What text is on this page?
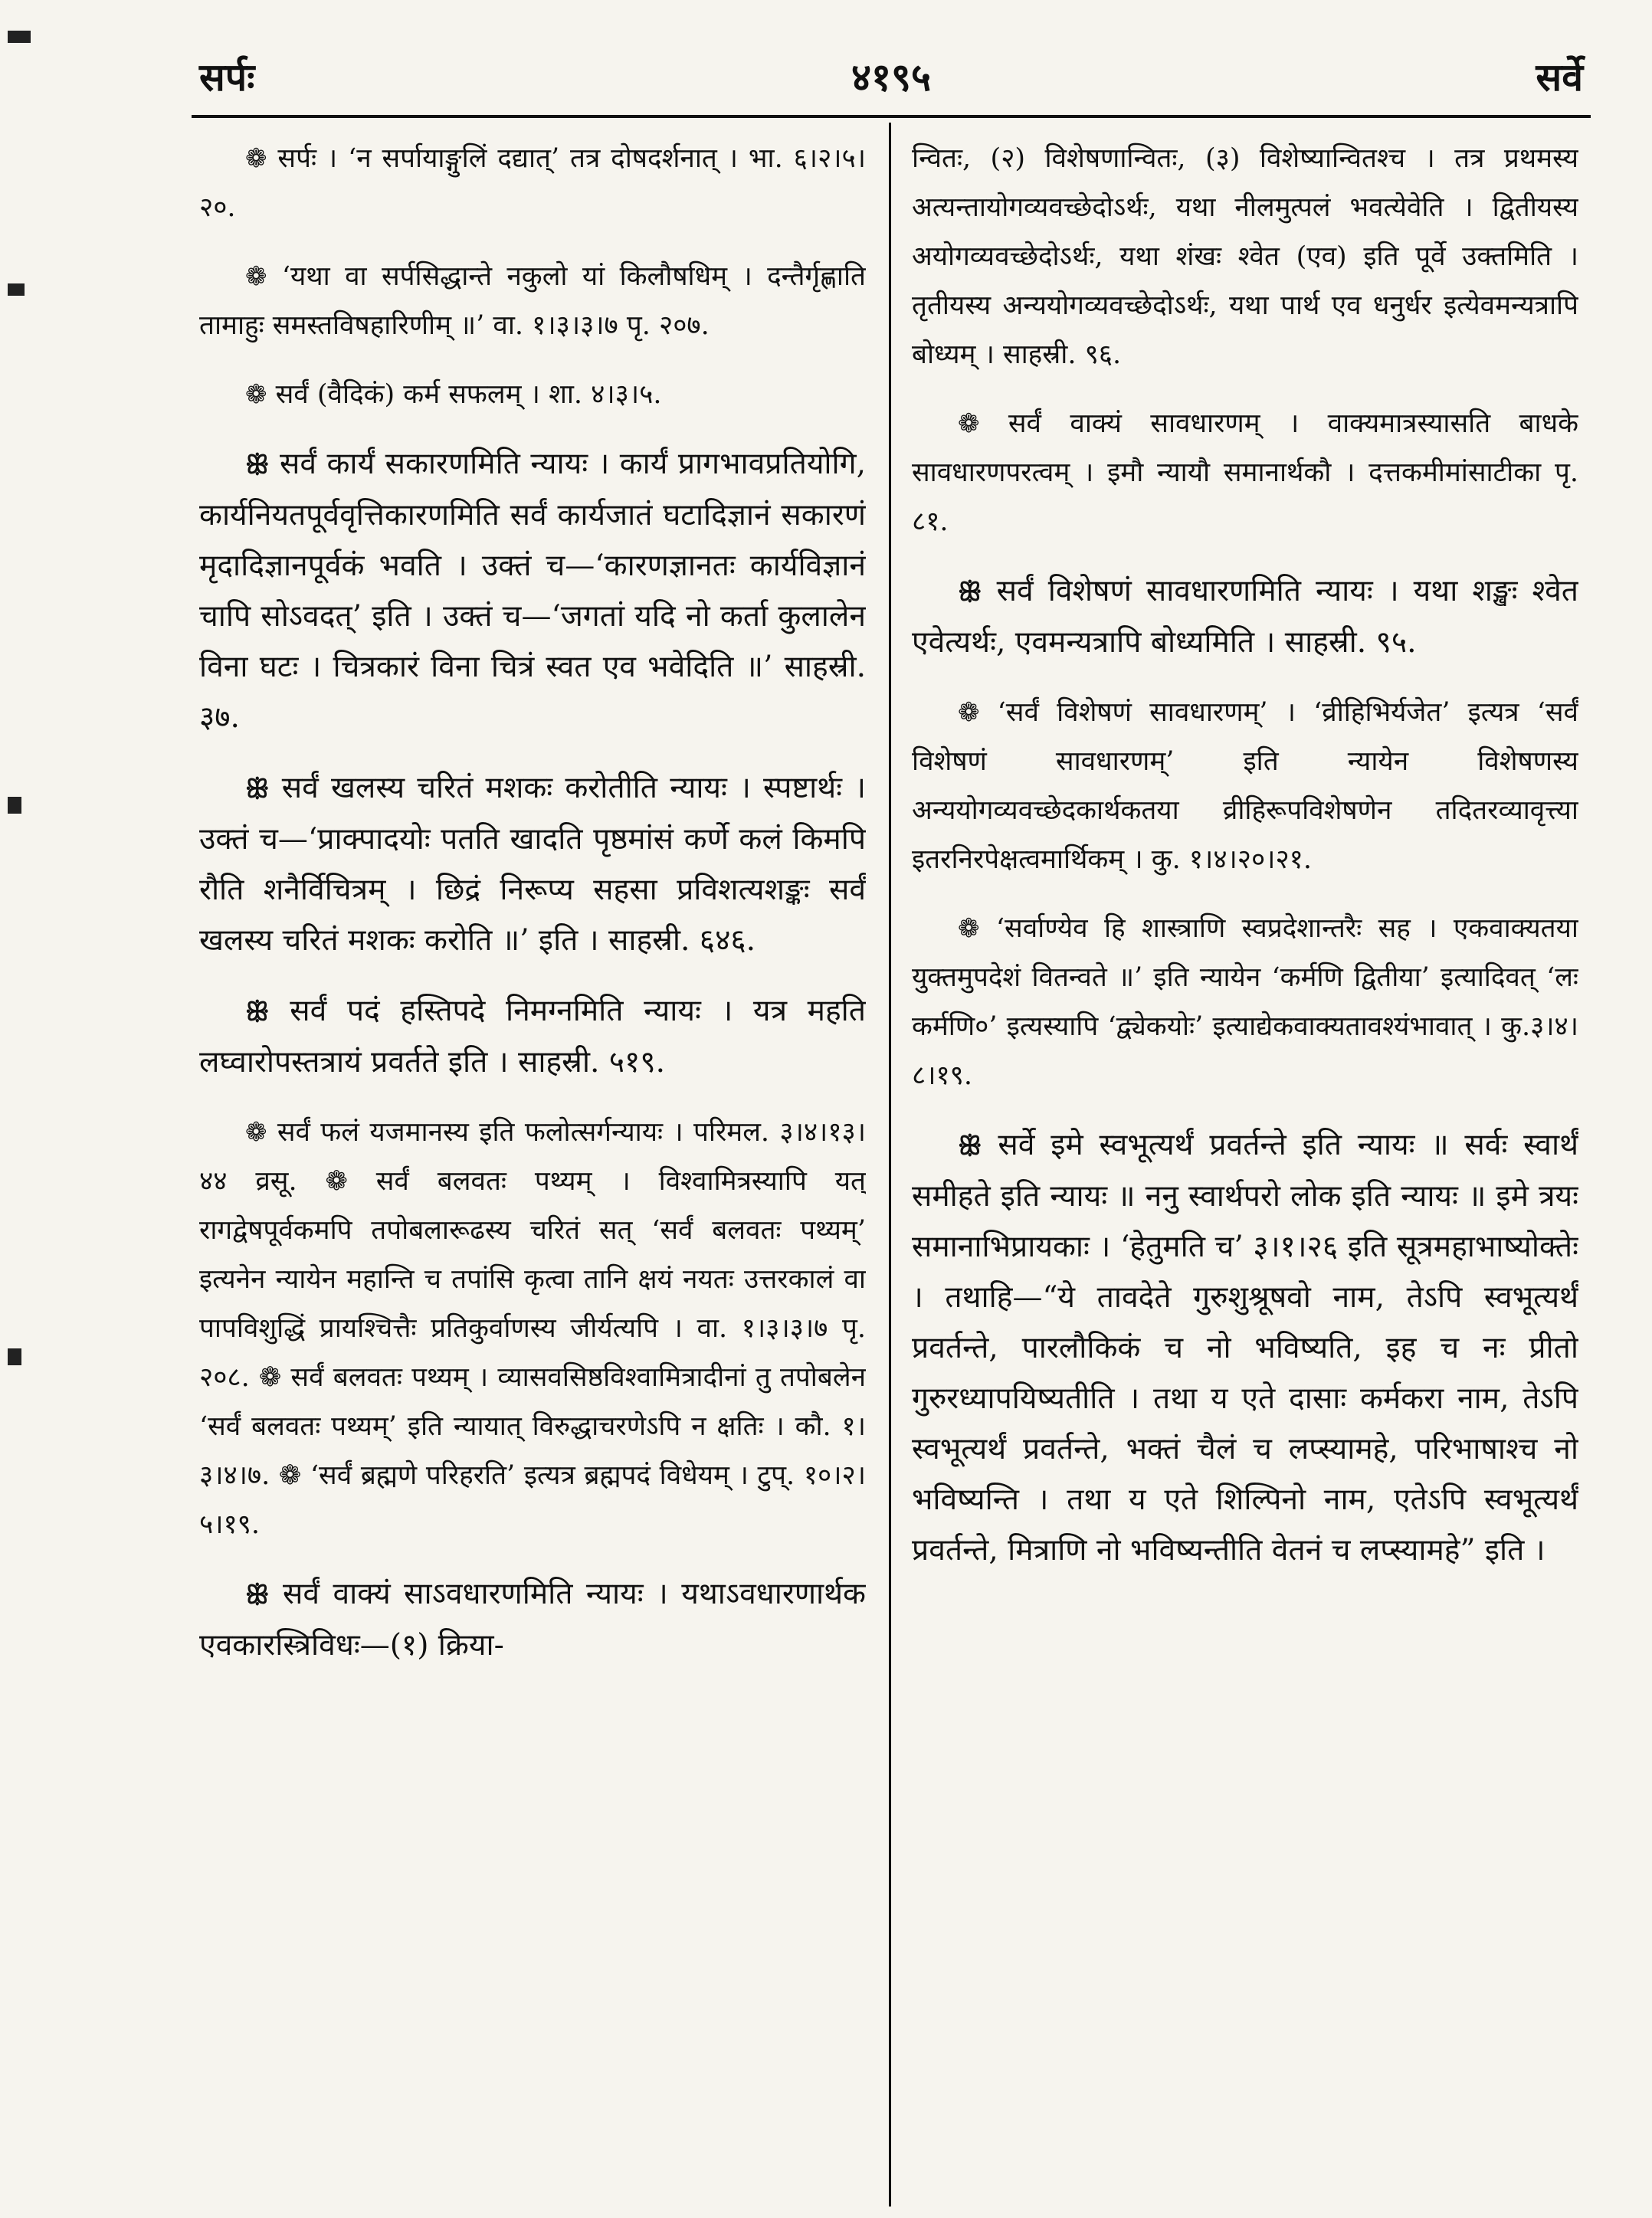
सर्पः	४१९५	सर्वे

❁ सर्पः । ‘न सर्पायाङ्गुलिं दद्यात्’ तत्र दोषदर्शनात् । भा. ६।२।५।२०.

❁ ‘यथा वा सर्पसिद्धान्ते नकुलो यां किलौषधिम् । दन्तैर्गृह्णाति तामाहुः समस्तविषहारिणीम् ॥’ वा. १।३।३।७ पृ. २०७.

❁ सर्वं (वैदिकं) कर्म सफलम् । शा. ४।३।५.

ꕥ सर्वं कार्यं सकारणमिति न्यायः । कार्यं प्रागभावप्रतियोगि, कार्यनियतपूर्ववृत्तिकारणमिति सर्वं कार्यजातं घटादिज्ञानं सकारणं मृदादिज्ञानपूर्वकं भवति । उक्तं च—‘कारणज्ञानतः कार्यविज्ञानं चापि सोऽवदत्’ इति । उक्तं च—‘जगतां यदि नो कर्ता कुलालेन विना घटः । चित्रकारं विना चित्रं स्वत एव भवेदिति ॥’ साहस्री. ३७.

ꕥ सर्वं खलस्य चरितं मशकः करोतीति न्यायः । स्पष्टार्थः । उक्तं च—‘प्राक्पादयोः पतति खादति पृष्ठमांसं कर्णे कलं किमपि रौति शनैर्विचित्रम् । छिद्रं निरूप्य सहसा प्रविशत्यशङ्कः सर्वं खलस्य चरितं मशकः करोति ॥’ इति । साहस्री. ६४६.

ꕥ सर्वं पदं हस्तिपदे निमग्नमिति न्यायः । यत्र महति लघ्वारोपस्तत्रायं प्रवर्तते इति । साहस्री. ५१९.

❁ सर्वं फलं यजमानस्य इति फलोत्सर्गन्यायः । परिमल. ३।४।१३।४४ व्रसू. ❁ सर्वं बलवतः पथ्यम् । विश्वामित्रस्यापि यत् रागद्वेषपूर्वकमपि तपोबलारूढस्य चरितं सत् ‘सर्वं बलवतः पथ्यम्’ इत्यनेन न्यायेन महान्ति च तपांसि कृत्वा तानि क्षयं नयतः उत्तरकालं वा पापविशुद्धिं प्रायश्चित्तैः प्रतिकुर्वाणस्य जीर्यत्यपि । वा. १।३।३।७ पृ. २०८. ❁ सर्वं बलवतः पथ्यम् । व्यासवसिष्ठविश्वामित्रादीनां तु तपोबलेन ‘सर्वं बलवतः पथ्यम्’ इति न्यायात् विरुद्धाचरणेऽपि न क्षतिः । कौ. १।३।४।७. ❁ ‘सर्वं ब्रह्मणे परिहरति’ इत्यत्र ब्रह्मपदं विधेयम् । टुप्. १०।२।५।१९.

ꕥ सर्वं वाक्यं साऽवधारणमिति न्यायः । यथाऽवधारणार्थक एवकारस्त्रिविधः—(१) क्रिया-

न्वितः, (२) विशेषणान्वितः, (३) विशेष्यान्वितश्च । तत्र प्रथमस्य अत्यन्तायोगव्यवच्छेदोऽर्थः, यथा नीलमुत्पलं भवत्येवेति । द्वितीयस्य अयोगव्यवच्छेदोऽर्थः, यथा शंखः श्वेत (एव) इति पूर्वे उक्तमिति । तृतीयस्य अन्ययोगव्यवच्छेदोऽर्थः, यथा पार्थ एव धनुर्धर इत्येवमन्यत्रापि बोध्यम् । साहस्री. ९६.

❁ सर्वं वाक्यं सावधारणम् । वाक्यमात्रस्यासति बाधके सावधारणपरत्वम् । इमौ न्यायौ समानार्थकौ । दत्तकमीमांसाटीका पृ. ८१.

ꕥ सर्वं विशेषणं सावधारणमिति न्यायः । यथा शङ्खः श्वेत एवेत्यर्थः, एवमन्यत्रापि बोध्यमिति । साहस्री. ९५.

❁ ‘सर्वं विशेषणं सावधारणम्’ । ‘व्रीहिभिर्यजेत’ इत्यत्र ‘सर्वं विशेषणं सावधारणम्’ इति न्यायेन विशेषणस्य अन्ययोगव्यवच्छेदकार्थकतया व्रीहिरूपविशेषणेन तदितरव्यावृत्त्या इतरनिरपेक्षत्वमार्थिकम् । कु. १।४।२०।२१.

❁ ‘सर्वाण्येव हि शास्त्राणि स्वप्रदेशान्तरैः सह । एकवाक्यतया युक्तमुपदेशं वितन्वते ॥’ इति न्यायेन ‘कर्मणि द्वितीया’ इत्यादिवत् ‘लः कर्मणि०’ इत्यस्यापि ‘द्व्येकयोः’ इत्याद्येकवाक्यतावश्यंभावात् । कु.३।४।८।१९.

ꕥ सर्वे इमे स्वभूत्यर्थं प्रवर्तन्ते इति न्यायः ॥ सर्वः स्वार्थं समीहते इति न्यायः ॥ ननु स्वार्थपरो लोक इति न्यायः ॥ इमे त्रयः समानाभिप्रायकाः । ‘हेतुमति च’ ३।१।२६ इति सूत्रमहाभाष्योक्तेः । तथाहि—“ये तावदेते गुरुशुश्रूषवो नाम, तेऽपि स्वभूत्यर्थं प्रवर्तन्ते, पारलौकिकं च नो भविष्यति, इह च नः प्रीतो गुरुरध्यापयिष्यतीति । तथा य एते दासाः कर्मकरा नाम, तेऽपि स्वभूत्यर्थं प्रवर्तन्ते, भक्तं चैलं च लप्स्यामहे, परिभाषाश्च नो भविष्यन्ति । तथा य एते शिल्पिनो नाम, एतेऽपि स्वभूत्यर्थं प्रवर्तन्ते, मित्राणि नो भविष्यन्तीति वेतनं च लप्स्यामहे” इति ।
